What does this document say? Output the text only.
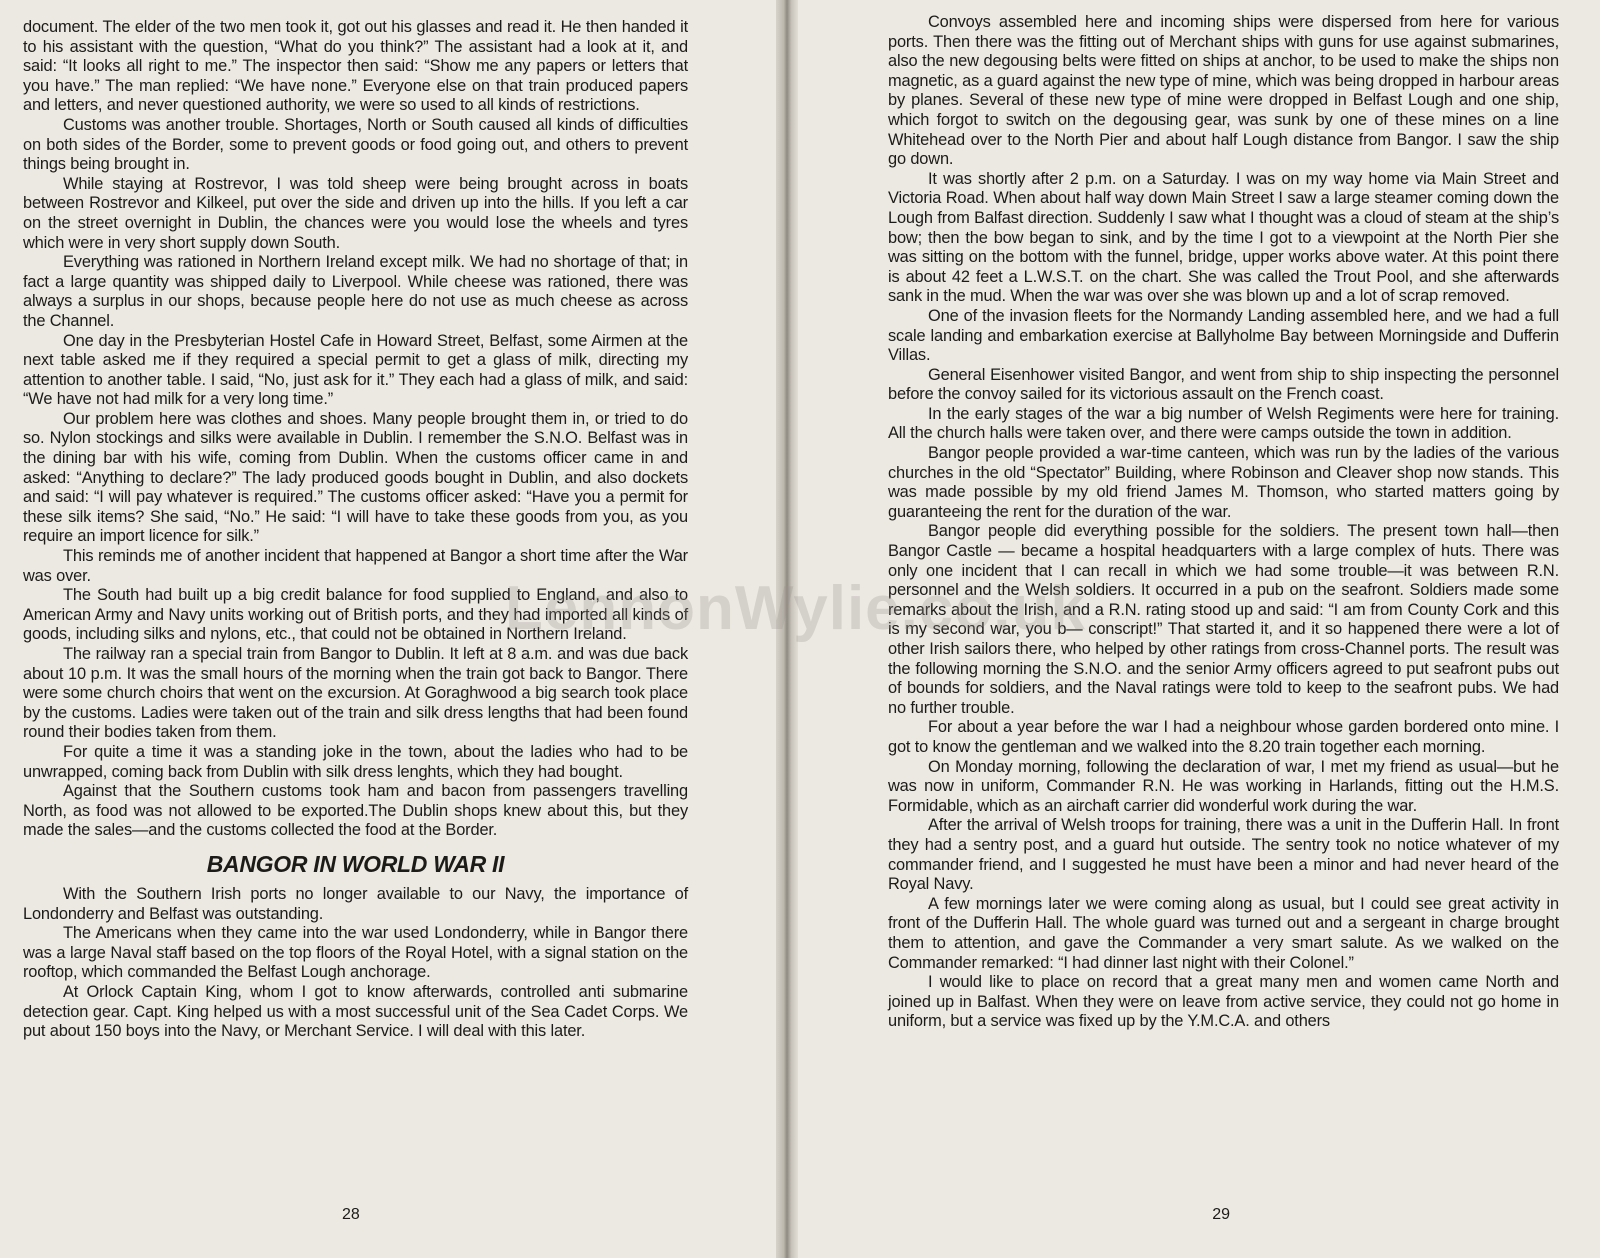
document. The elder of the two men took it, got out his glasses and read it. He then handed it to his assistant with the question, “What do you think?” The assistant had a look at it, and said: “It looks all right to me.” The inspector then said: “Show me any papers or letters that you have.” The man replied: “We have none.” Everyone else on that train produced papers and letters, and never questioned authority, we were so used to all kinds of restrictions.

Customs was another trouble. Shortages, North or South caused all kinds of difficulties on both sides of the Border, some to prevent goods or food going out, and others to prevent things being brought in.

While staying at Rostrevor, I was told sheep were being brought across in boats between Rostrevor and Kilkeel, put over the side and driven up into the hills. If you left a car on the street overnight in Dublin, the chances were you would lose the wheels and tyres which were in very short supply down South.

Everything was rationed in Northern Ireland except milk. We had no shortage of that; in fact a large quantity was shipped daily to Liverpool. While cheese was rationed, there was always a surplus in our shops, because people here do not use as much cheese as across the Channel.

One day in the Presbyterian Hostel Cafe in Howard Street, Belfast, some Airmen at the next table asked me if they required a special permit to get a glass of milk, directing my attention to another table. I said, “No, just ask for it.” They each had a glass of milk, and said: “We have not had milk for a very long time.”

Our problem here was clothes and shoes. Many people brought them in, or tried to do so. Nylon stockings and silks were available in Dublin. I remember the S.N.O. Belfast was in the dining bar with his wife, coming from Dublin. When the customs officer came in and asked: “Anything to declare?” The lady produced goods bought in Dublin, and also dockets and said: “I will pay whatever is required.” The customs officer asked: “Have you a permit for these silk items? She said, “No.” He said: “I will have to take these goods from you, as you require an import licence for silk.”

This reminds me of another incident that happened at Bangor a short time after the War was over.

The South had built up a big credit balance for food supplied to England, and also to American Army and Navy units working out of British ports, and they had imported all kinds of goods, including silks and nylons, etc., that could not be obtained in Northern Ireland.

The railway ran a special train from Bangor to Dublin. It left at 8 a.m. and was due back about 10 p.m. It was the small hours of the morning when the train got back to Bangor. There were some church choirs that went on the excursion. At Goraghwood a big search took place by the customs. Ladies were taken out of the train and silk dress lengths that had been found round their bodies taken from them.

For quite a time it was a standing joke in the town, about the ladies who had to be unwrapped, coming back from Dublin with silk dress lenghts, which they had bought.

Against that the Southern customs took ham and bacon from passengers travelling North, as food was not allowed to be exported.The Dublin shops knew about this, but they made the sales—and the customs collected the food at the Border.

BANGOR IN WORLD WAR II

With the Southern Irish ports no longer available to our Navy, the importance of Londonderry and Belfast was outstanding.

The Americans when they came into the war used Londonderry, while in Bangor there was a large Naval staff based on the top floors of the Royal Hotel, with a signal station on the rooftop, which commanded the Belfast Lough anchorage.

At Orlock Captain King, whom I got to know afterwards, controlled anti submarine detection gear. Capt. King helped us with a most successful unit of the Sea Cadet Corps. We put about 150 boys into the Navy, or Merchant Service. I will deal with this later.

28

Convoys assembled here and incoming ships were dispersed from here for various ports. Then there was the fitting out of Merchant ships with guns for use against submarines, also the new degousing belts were fitted on ships at anchor, to be used to make the ships non magnetic, as a guard against the new type of mine, which was being dropped in harbour areas by planes. Several of these new type of mine were dropped in Belfast Lough and one ship, which forgot to switch on the degousing gear, was sunk by one of these mines on a line Whitehead over to the North Pier and about half Lough distance from Bangor. I saw the ship go down.

It was shortly after 2 p.m. on a Saturday. I was on my way home via Main Street and Victoria Road. When about half way down Main Street I saw a large steamer coming down the Lough from Balfast direction. Suddenly I saw what I thought was a cloud of steam at the ship’s bow; then the bow began to sink, and by the time I got to a viewpoint at the North Pier she was sitting on the bottom with the funnel, bridge, upper works above water. At this point there is about 42 feet a L.W.S.T. on the chart. She was called the Trout Pool, and she afterwards sank in the mud. When the war was over she was blown up and a lot of scrap removed.

One of the invasion fleets for the Normandy Landing assembled here, and we had a full scale landing and embarkation exercise at Ballyholme Bay between Morningside and Dufferin Villas.

General Eisenhower visited Bangor, and went from ship to ship inspecting the personnel before the convoy sailed for its victorious assault on the French coast.

In the early stages of the war a big number of Welsh Regiments were here for training. All the church halls were taken over, and there were camps outside the town in addition.

Bangor people provided a war-time canteen, which was run by the ladies of the various churches in the old “Spectator” Building, where Robinson and Cleaver shop now stands. This was made possible by my old friend James M. Thomson, who started matters going by guaranteeing the rent for the duration of the war.

Bangor people did everything possible for the soldiers. The present town hall—then Bangor Castle — became a hospital headquarters with a large complex of huts. There was only one incident that I can recall in which we had some trouble—it was between R.N. personnel and the Welsh soldiers. It occurred in a pub on the seafront. Soldiers made some remarks about the Irish, and a R.N. rating stood up and said: “I am from County Cork and this is my second war, you b— conscript!” That started it, and it so happened there were a lot of other Irish sailors there, who helped by other ratings from cross-Channel ports. The result was the following morning the S.N.O. and the senior Army officers agreed to put seafront pubs out of bounds for soldiers, and the Naval ratings were told to keep to the seafront pubs. We had no further trouble.

For about a year before the war I had a neighbour whose garden bordered onto mine. I got to know the gentleman and we walked into the 8.20 train together each morning.

On Monday morning, following the declaration of war, I met my friend as usual—but he was now in uniform, Commander R.N. He was working in Harlands, fitting out the H.M.S. Formidable, which as an airchaft carrier did wonderful work during the war.

After the arrival of Welsh troops for training, there was a unit in the Dufferin Hall. In front they had a sentry post, and a guard hut outside. The sentry took no notice whatever of my commander friend, and I suggested he must have been a minor and had never heard of the Royal Navy.

A few mornings later we were coming along as usual, but I could see great activity in front of the Dufferin Hall. The whole guard was turned out and a sergeant in charge brought them to attention, and gave the Commander a very smart salute. As we walked on the Commander remarked: “I had dinner last night with their Colonel.”

I would like to place on record that a great many men and women came North and joined up in Balfast. When they were on leave from active service, they could not go home in uniform, but a service was fixed up by the Y.M.C.A. and others

29
LennonWylie.co.uk
